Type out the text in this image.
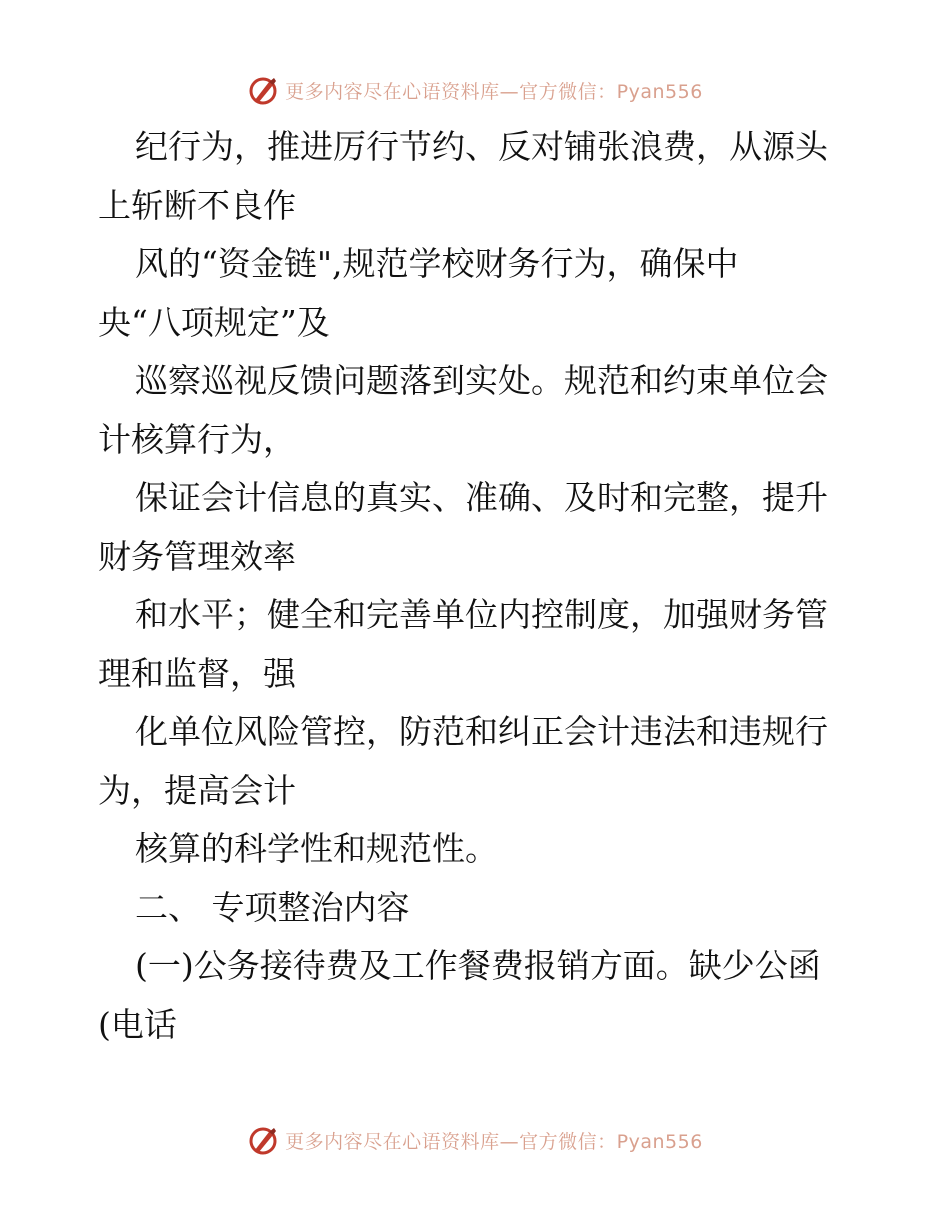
更多内容尽在心语资料库—官方微信：Pyan556
纪行为，推进厉行节约、反对铺张浪费，从源头
上斩断不良作
风的“资金链",规范学校财务行为，确保中
央“八项规定”及
巡察巡视反馈问题落到实处。规范和约束单位会
计核算行为，
保证会计信息的真实、准确、及时和完整，提升
财务管理效率
和水平；健全和完善单位内控制度，加强财务管
理和监督，强
化单位风险管控，防范和纠正会计违法和违规行
为，提高会计
核算的科学性和规范性。
二、 专项整治内容
(一)公务接待费及工作餐费报销方面。缺少公函
(电话
更多内容尽在心语资料库—官方微信：Pyan556
